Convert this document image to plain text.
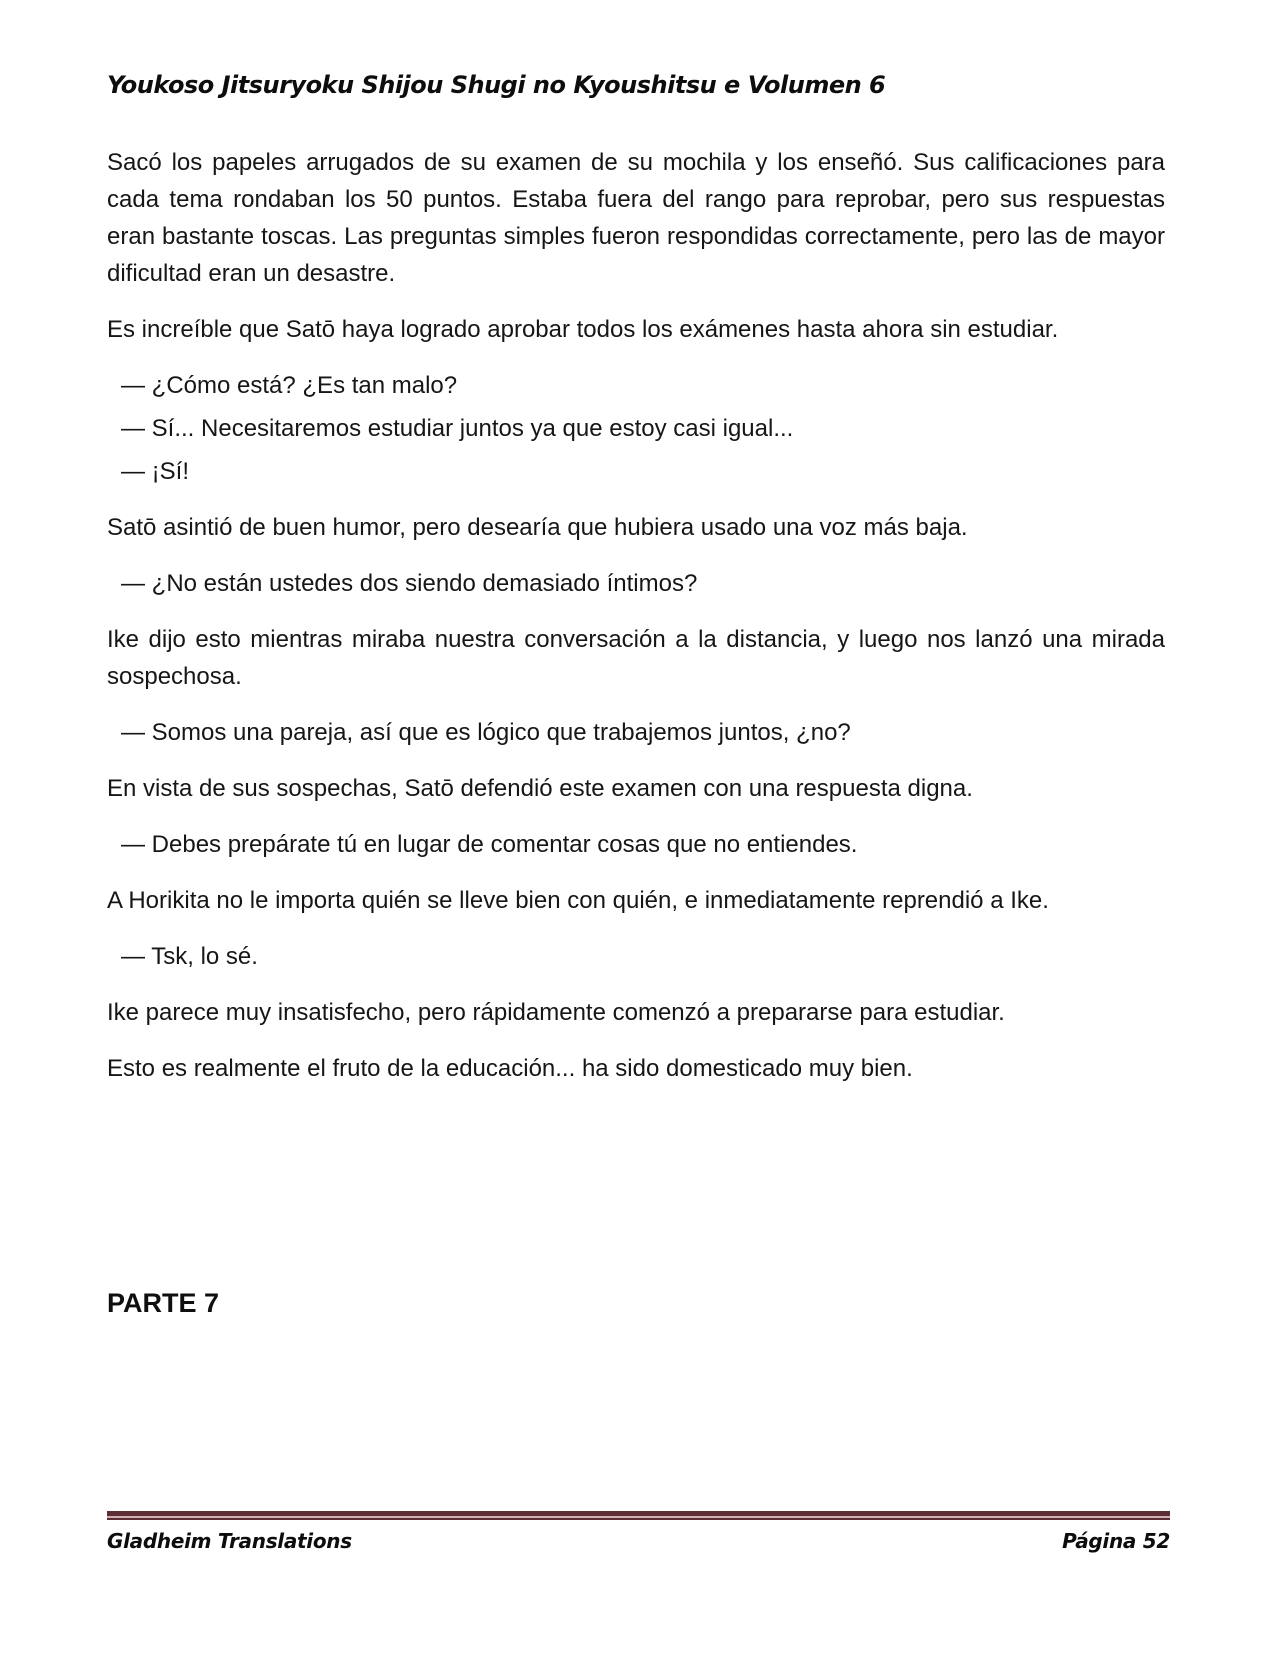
Youkoso Jitsuryoku Shijou Shugi no Kyoushitsu e Volumen 6

Sacó los papeles arrugados de su examen de su mochila y los enseñó. Sus calificaciones para cada tema rondaban los 50 puntos. Estaba fuera del rango para reprobar, pero sus respuestas eran bastante toscas. Las preguntas simples fueron respondidas correctamente, pero las de mayor dificultad eran un desastre.

Es increíble que Satō haya logrado aprobar todos los exámenes hasta ahora sin estudiar.

— ¿Cómo está? ¿Es tan malo?

— Sí... Necesitaremos estudiar juntos ya que estoy casi igual...

— ¡Sí!

Satō asintió de buen humor, pero desearía que hubiera usado una voz más baja.

— ¿No están ustedes dos siendo demasiado íntimos?

Ike dijo esto mientras miraba nuestra conversación a la distancia, y luego nos lanzó una mirada sospechosa.

— Somos una pareja, así que es lógico que trabajemos juntos, ¿no?

En vista de sus sospechas, Satō defendió este examen con una respuesta digna.

— Debes prepárate tú en lugar de comentar cosas que no entiendes.

A Horikita no le importa quién se lleve bien con quién, e inmediatamente reprendió a Ike.

— Tsk, lo sé.

Ike parece muy insatisfecho, pero rápidamente comenzó a prepararse para estudiar.

Esto es realmente el fruto de la educación... ha sido domesticado muy bien.

PARTE 7
Gladheim Translations	Página 52
